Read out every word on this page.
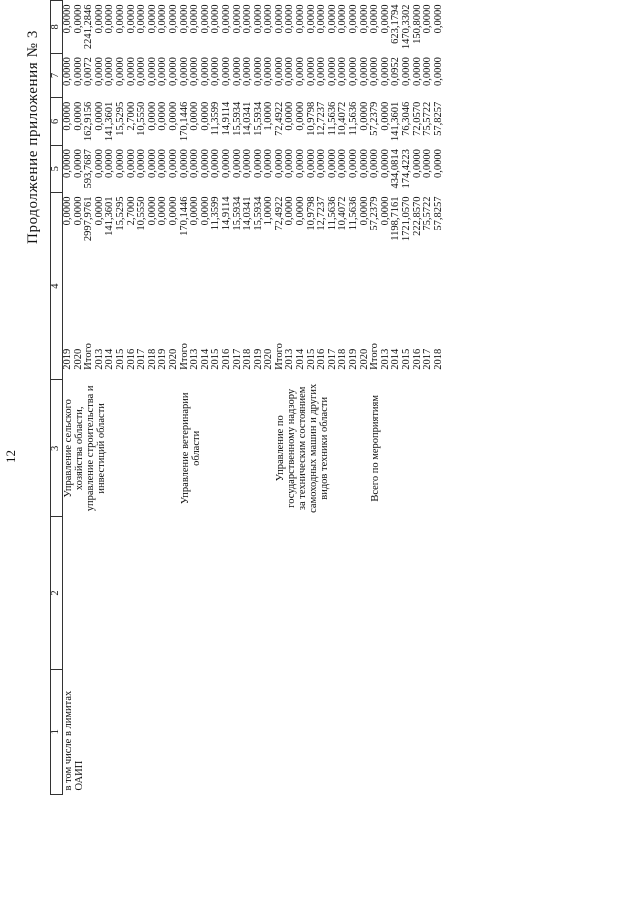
12
Продолжение приложения № 3
1	2	3	4		5	6	7	8
в том числе в лимитах ОАИП		Управление сельского хозяйства области, управление строительства и инвестиций области	2019	0,0000	0,0000	0,0000	0,0000	0,0000
			2020	0,0000	0,0000	0,0000	0,0000	0,0000
			Итого	2997,9761	593,7687	162,9156	0,0072	2241,2846
			2013	0,0000	0,0000	0,0000	0,0000	0,0000
			2014	141,3601	0,0000	141,3601	0,0000	0,0000
			2015	15,5295	0,0000	15,5295	0,0000	0,0000
			2016	2,7000	0,0000	2,7000	0,0000	0,0000
			2017	10,5550	0,0000	10,5550	0,0000	0,0000
			2018	0,0000	0,0000	0,0000	0,0000	0,0000
			2019	0,0000	0,0000	0,0000	0,0000	0,0000
			2020	0,0000	0,0000	0,0000	0,0000	0,0000
		Управление ветеринарии области	Итого	170,1446	0,0000	170,1446	0,0000	0,0000
			2013	0,0000	0,0000	0,0000	0,0000	0,0000
			2014	0,0000	0,0000	0,0000	0,0000	0,0000
			2015	11,3599	0,0000	11,3599	0,0000	0,0000
			2016	14,9114	0,0000	14,9114	0,0000	0,0000
			2017	15,5934	0,0000	15,5934	0,0000	0,0000
			2018	14,0341	0,0000	14,0341	0,0000	0,0000
			2019	15,5934	0,0000	15,5934	0,0000	0,0000
			2020	1,0000	0,0000	1,0000	0,0000	0,0000
		Управление по государственному надзору за техническим состоянием самоходных машин и других видов техники области	Итого	72,4922	0,0000	72,4922	0,0000	0,0000
			2013	0,0000	0,0000	0,0000	0,0000	0,0000
			2014	0,0000	0,0000	0,0000	0,0000	0,0000
			2015	10,9798	0,0000	10,9798	0,0000	0,0000
			2016	12,7237	0,0000	12,7237	0,0000	0,0000
			2017	11,5636	0,0000	11,5636	0,0000	0,0000
			2018	10,4072	0,0000	10,4072	0,0000	0,0000
			2019	11,5636	0,0000	11,5636	0,0000	0,0000
			2020	0,0000	0,0000	0,0000	0,0000	0,0000
		Всего по мероприятиям	Итого	57,2379	0,0000	57,2379	0,0000	0,0000
			2013	0,0000	0,0000	0,0000	0,0000	0,0000
			2014	1198,7161	434,0814	141,3601	0,0952	623,1794
			2015	1721,0570	174,4223	76,3046	0,0000	1470,3302
			2016	222,8570	0,0000	72,0570	0,0000	150,8000
			2017	75,5722	0,0000	75,5722	0,0000	0,0000
			2018	57,8257	0,0000	57,8257	0,0000	0,0000
